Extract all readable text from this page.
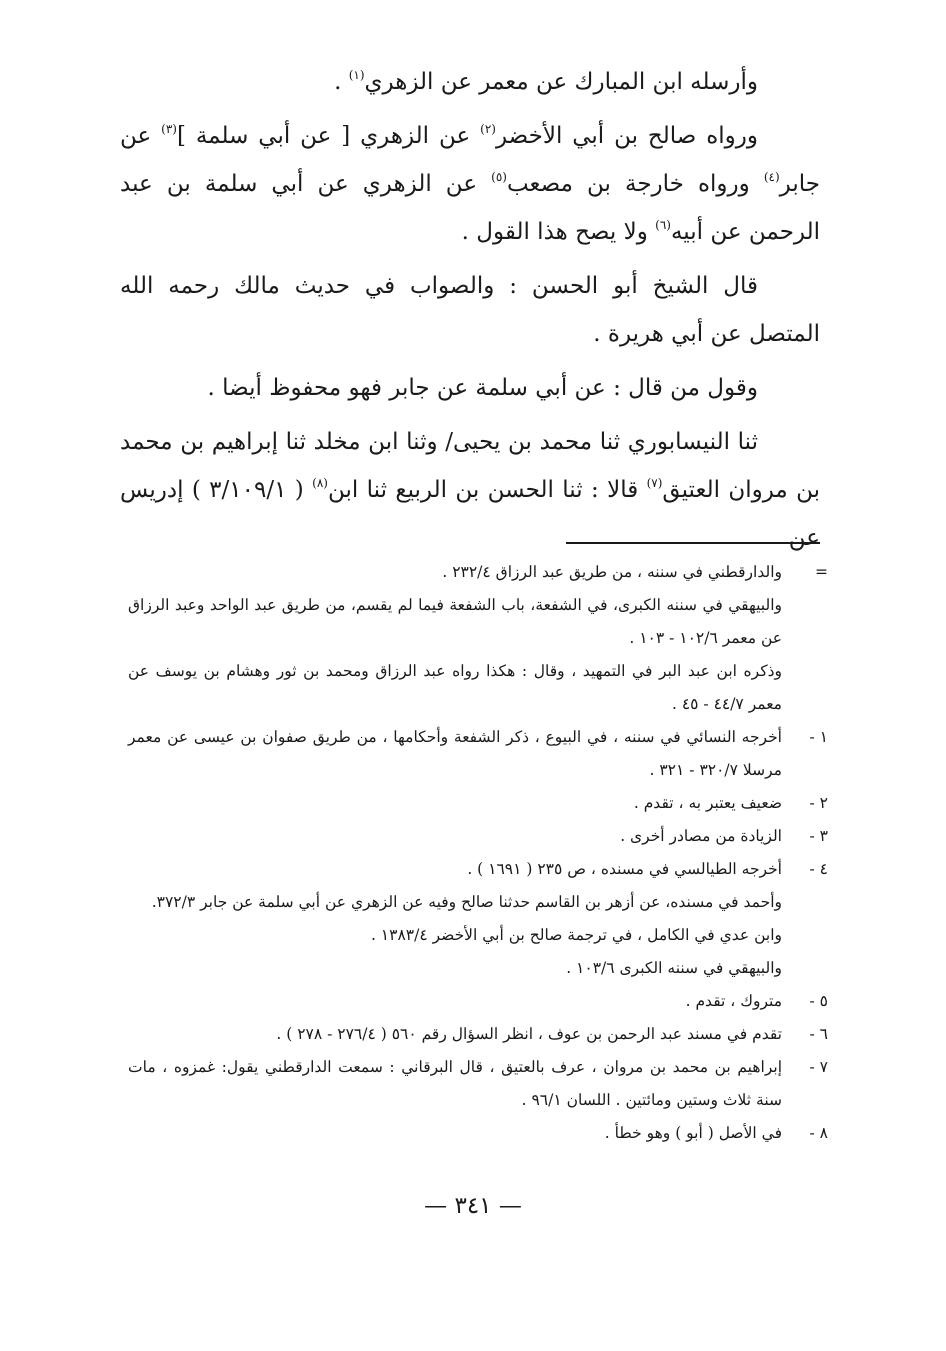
وأرسله ابن المبارك عن معمر عن الزهري$^{(١)}$ .

ورواه صالح بن أبي الأخضر$^{(٢)}$ عن الزهري [ عن أبي سلمة ]$^{(٣)}$ عن جابر$^{(٤)}$ ورواه خارجة بن مصعب$^{(٥)}$ عن الزهري عن أبي سلمة بن عبد الرحمن عن أبيه$^{(٦)}$ ولا يصح هذا القول .

قال الشيخ أبو الحسن : والصواب في حديث مالك رحمه الله المتصل عن أبي هريرة .

وقول من قال : عن أبي سلمة عن جابر فهو محفوظ أيضا .

ثنا النيسابوري ثنا محمد بن يحيى/ وثنا ابن مخلد ثنا إبراهيم بن محمد بن مروان العتيق$^{(٧)}$ قالا : ثنا الحسن بن الربيع ثنا ابن$^{(٨)}$ ( ٣/١٠٩/١ ) إدريس عن

=
والدارقطني في سننه ، من طريق عبد الرزاق ٢٣٢/٤ .
والبيهقي في سننه الكبرى، في الشفعة، باب الشفعة فيما لم يقسم، من طريق عبد الواحد وعبد الرزاق عن معمر ١٠٢/٦ - ١٠٣ .
وذكره ابن عبد البر في التمهيد ، وقال : هكذا رواه عبد الرزاق ومحمد بن ثور وهشام بن يوسف عن معمر ٤٤/٧ - ٤٥ .
١ -
أخرجه النسائي في سننه ، في البيوع ، ذكر الشفعة وأحكامها ، من طريق صفوان بن عيسى عن معمر مرسلا ٣٢٠/٧ - ٣٢١ .
٢ -
ضعيف يعتبر به ، تقدم .
٣ -
الزيادة من مصادر أخرى .
٤ -
أخرجه الطيالسي في مسنده ، ص ٢٣٥ ( ١٦٩١ ) .
وأحمد في مسنده، عن أزهر بن القاسم حدثنا صالح وفيه عن الزهري عن أبي سلمة عن جابر ٣٧٢/٣.
وابن عدي في الكامل ، في ترجمة صالح بن أبي الأخضر ١٣٨٣/٤ .
والبيهقي في سننه الكبرى ١٠٣/٦ .
٥ -
متروك ، تقدم .
٦ -
تقدم في مسند عبد الرحمن بن عوف ، انظر السؤال رقم ٥٦٠ ( ٢٧٦/٤ - ٢٧٨ ) .
٧ -
إبراهيم بن محمد بن مروان ، عرف بالعتيق ، قال البرقاني : سمعت الدارقطني يقول: غمزوه ، مات سنة ثلاث وستين ومائتين . اللسان ٩٦/١ .
٨ -
في الأصل ( أبو ) وهو خطأ .
— ٣٤١ —
